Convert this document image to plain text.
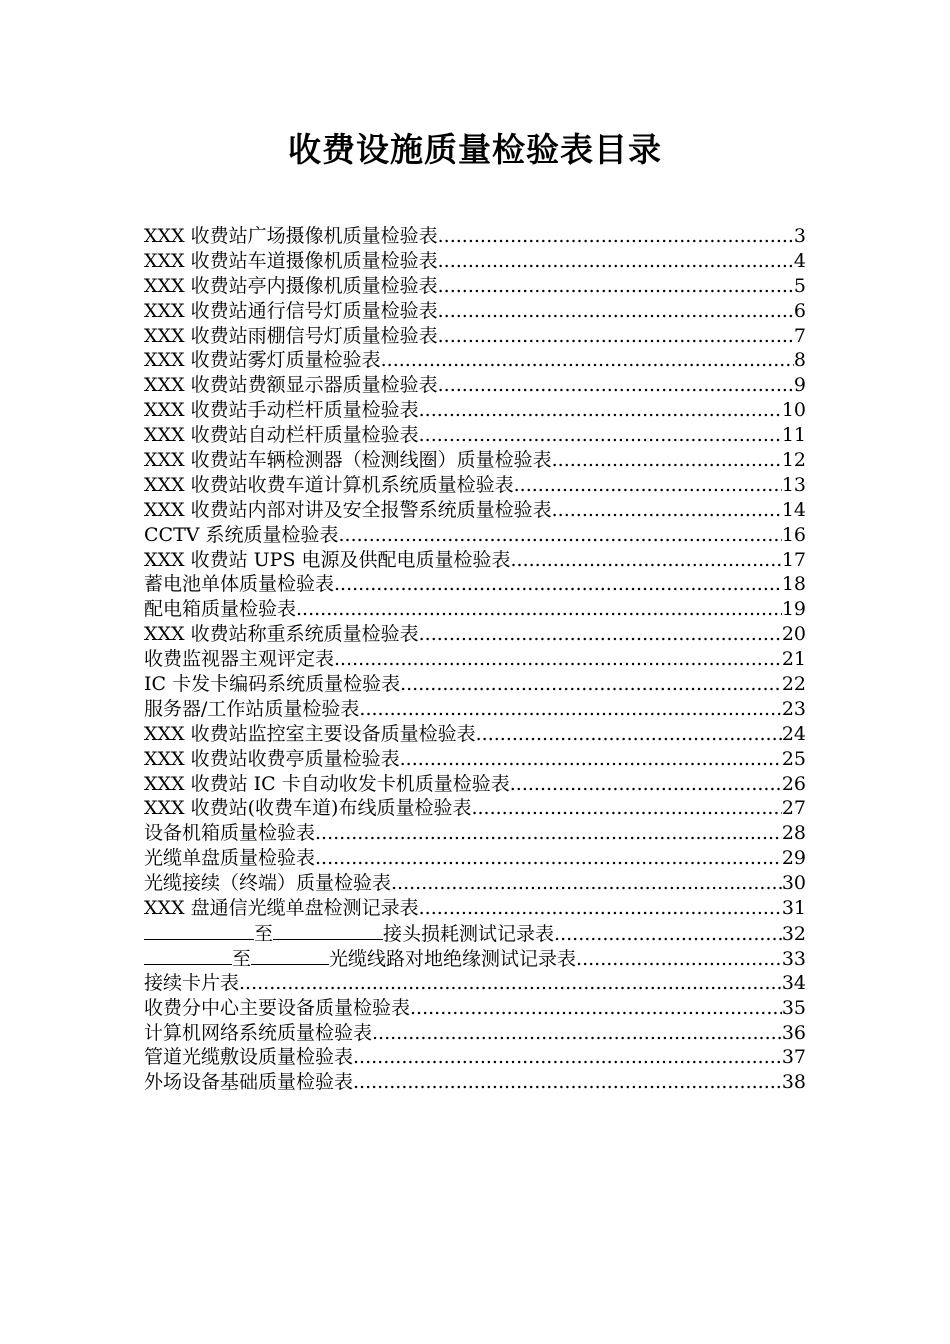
收费设施质量检验表目录
XXX 收费站广场摄像机质量检验表 .....	3
XXX 收费站车道摄像机质量检验表 .....	4
XXX 收费站亭内摄像机质量检验表 .....	5
XXX 收费站通行信号灯质量检验表 .....	6
XXX 收费站雨棚信号灯质量检验表 .....	7
XXX 收费站雾灯质量检验表 .....	8
XXX 收费站费额显示器质量检验表 .....	9
XXX 收费站手动栏杆质量检验表 .....	10
XXX 收费站自动栏杆质量检验表 .....	11
XXX 收费站车辆检测器（检测线圈）质量检验表 .....	12
XXX 收费站收费车道计算机系统质量检验表 .....	13
XXX 收费站内部对讲及安全报警系统质量检验表 .....	14
CCTV 系统质量检验表 .....	16
XXX 收费站 UPS 电源及供配电质量检验表 .....	17
蓄电池单体质量检验表 .....	18
配电箱质量检验表 .....	19
XXX 收费站称重系统质量检验表 .....	20
收费监视器主观评定表 .....	21
IC 卡发卡编码系统质量检验表 .....	22
服务器/工作站质量检验表 .....	23
XXX 收费站监控室主要设备质量检验表 .....	24
XXX 收费站收费亭质量检验表 .....	25
XXX 收费站 IC 卡自动收发卡机质量检验表 .....	26
XXX 收费站(收费车道)布线质量检验表 .....	27
设备机箱质量检验表 .....	28
光缆单盘质量检验表 .....	29
光缆接续（终端）质量检验表 .....	30
XXX 盘通信光缆单盘检测记录表 .....	31
至	接头损耗测试记录表 .....	32
至	光缆线路对地绝缘测试记录表 .....	33
接续卡片表 .....	34
收费分中心主要设备质量检验表 .....	35
计算机网络系统质量检验表 .....	36
管道光缆敷设质量检验表 .....	37
外场设备基础质量检验表 .....	38
